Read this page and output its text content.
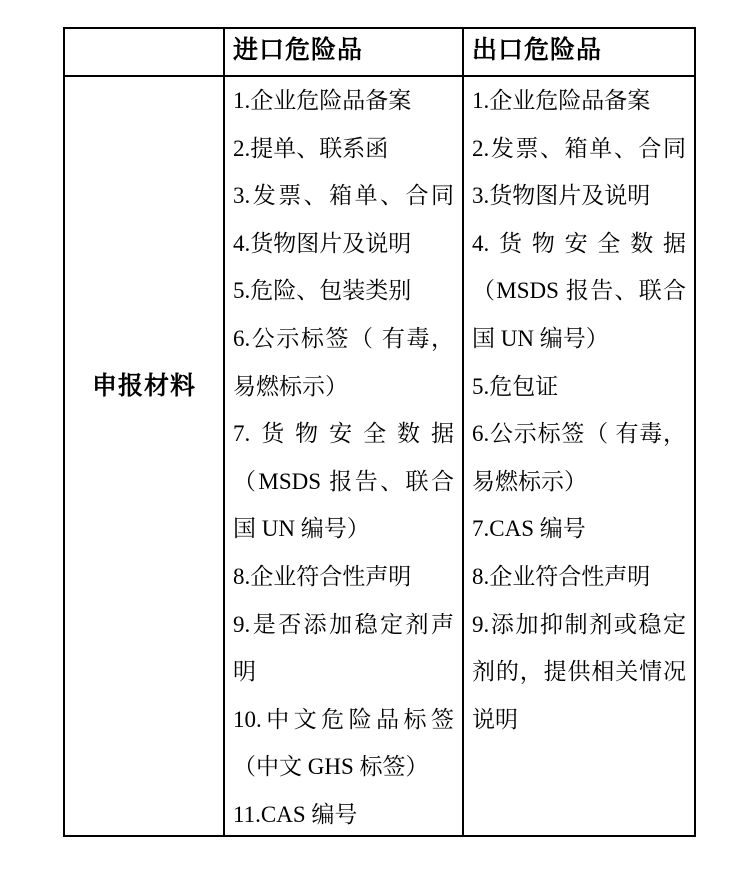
进口危险品	出口危险品
申报材料
1.企业危险品备案
2.提单、联系函
3.发票、箱单、合同
4.货物图片及说明
5.危险、包装类别
6.公示标签（ 有毒，
易燃标示）
7.货物安全数据
（MSDS 报告、联合
国 UN 编号）
8.企业符合性声明
9.是否添加稳定剂声
明
10.中文危险品标签
（中文 GHS 标签）
11.CAS 编号
1.企业危险品备案
2.发票、箱单、合同
3.货物图片及说明
4.货物安全数据
（MSDS 报告、联合
国 UN 编号）
5.危包证
6.公示标签（ 有毒，
易燃标示）
7.CAS 编号
8.企业符合性声明
9.添加抑制剂或稳定
剂的，提供相关情况
说明
